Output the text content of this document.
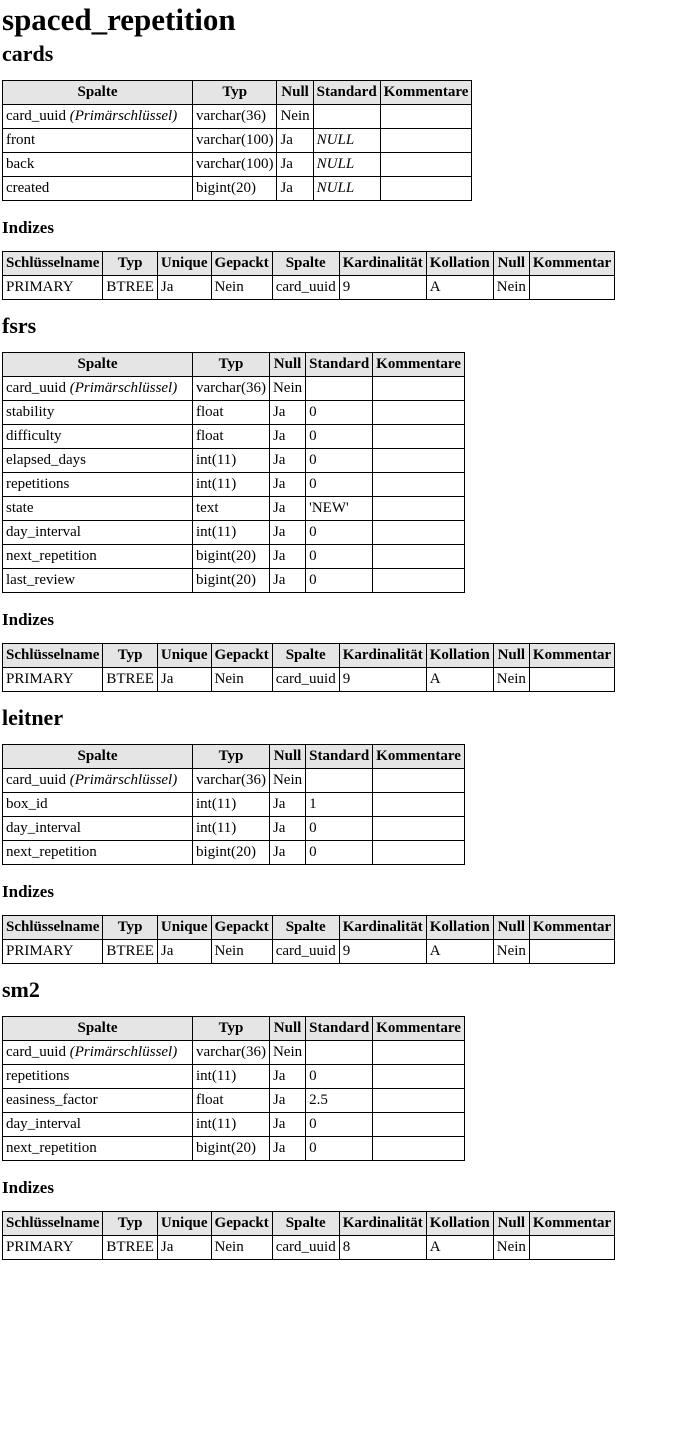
spaced_repetition
cards
Spalte	Typ	Null	Standard	Kommentare
card_uuid (Primärschlüssel)	varchar(36)	Nein		
front	varchar(100)	Ja	NULL	
back	varchar(100)	Ja	NULL	
created	bigint(20)	Ja	NULL	
Indizes
Schlüsselname	Typ	Unique	Gepackt	Spalte	Kardinalität	Kollation	Null	Kommentar
PRIMARY	BTREE	Ja	Nein	card_uuid	9	A	Nein	
fsrs
Spalte	Typ	Null	Standard	Kommentare
card_uuid (Primärschlüssel)	varchar(36)	Nein		
stability	float	Ja	0	
difficulty	float	Ja	0	
elapsed_days	int(11)	Ja	0	
repetitions	int(11)	Ja	0	
state	text	Ja	'NEW'	
day_interval	int(11)	Ja	0	
next_repetition	bigint(20)	Ja	0	
last_review	bigint(20)	Ja	0	
Indizes
Schlüsselname	Typ	Unique	Gepackt	Spalte	Kardinalität	Kollation	Null	Kommentar
PRIMARY	BTREE	Ja	Nein	card_uuid	9	A	Nein	
leitner
Spalte	Typ	Null	Standard	Kommentare
card_uuid (Primärschlüssel)	varchar(36)	Nein		
box_id	int(11)	Ja	1	
day_interval	int(11)	Ja	0	
next_repetition	bigint(20)	Ja	0	
Indizes
Schlüsselname	Typ	Unique	Gepackt	Spalte	Kardinalität	Kollation	Null	Kommentar
PRIMARY	BTREE	Ja	Nein	card_uuid	9	A	Nein	
sm2
Spalte	Typ	Null	Standard	Kommentare
card_uuid (Primärschlüssel)	varchar(36)	Nein		
repetitions	int(11)	Ja	0	
easiness_factor	float	Ja	2.5	
day_interval	int(11)	Ja	0	
next_repetition	bigint(20)	Ja	0	
Indizes
Schlüsselname	Typ	Unique	Gepackt	Spalte	Kardinalität	Kollation	Null	Kommentar
PRIMARY	BTREE	Ja	Nein	card_uuid	8	A	Nein	
